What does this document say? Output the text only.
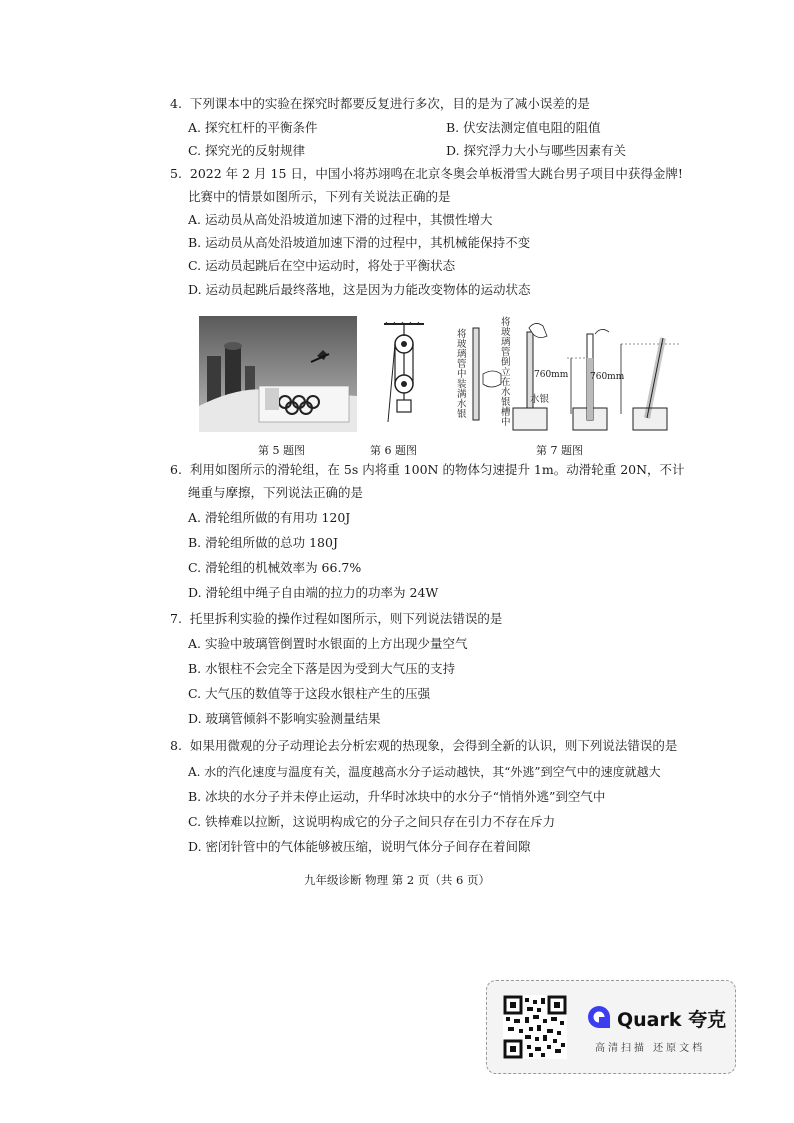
4. 下列课本中的实验在探究时都要反复进行多次，目的是为了减小误差的是
A. 探究杠杆的平衡条件	B. 伏安法测定值电阻的阻值
C. 探究光的反射规律	D. 探究浮力大小与哪些因素有关
5. 2022 年 2 月 15 日，中国小将苏翊鸣在北京冬奥会单板滑雪大跳台男子项目中获得金牌!
比赛中的情景如图所示，下列有关说法正确的是
A. 运动员从高处沿坡道加速下滑的过程中，其惯性增大
B. 运动员从高处沿坡道加速下滑的过程中，其机械能保持不变
C. 运动员起跳后在空中运动时，将处于平衡状态
D. 运动员起跳后最终落地，这是因为力能改变物体的运动状态
第 5 题图	第 6 题图
将玻璃管中装满水银
将玻璃管倒立在水银槽中
水银
760mm 760mm
第 7 题图
6. 利用如图所示的滑轮组，在 5s 内将重 100N 的物体匀速提升 1m。动滑轮重 20N，不计
绳重与摩擦，下列说法正确的是
A. 滑轮组所做的有用功 120J
B. 滑轮组所做的总功 180J
C. 滑轮组的机械效率为 66.7%
D. 滑轮组中绳子自由端的拉力的功率为 24W
7. 托里拆利实验的操作过程如图所示，则下列说法错误的是
A. 实验中玻璃管倒置时水银面的上方出现少量空气
B. 水银柱不会完全下落是因为受到大气压的支持
C. 大气压的数值等于这段水银柱产生的压强
D. 玻璃管倾斜不影响实验测量结果
8. 如果用微观的分子动理论去分析宏观的热现象，会得到全新的认识，则下列说法错误的是
A. 水的汽化速度与温度有关，温度越高水分子运动越快，其“外逃”到空气中的速度就越大
B. 冰块的水分子并未停止运动，升华时冰块中的水分子“悄悄外逃”到空气中
C. 铁棒难以拉断，这说明构成它的分子之间只存在引力不存在斥力
D. 密闭针管中的气体能够被压缩，说明气体分子间存在着间隙
九年级诊断 物理 第 2 页（共 6 页）
Quark 夸克
高清扫描 还原文档
